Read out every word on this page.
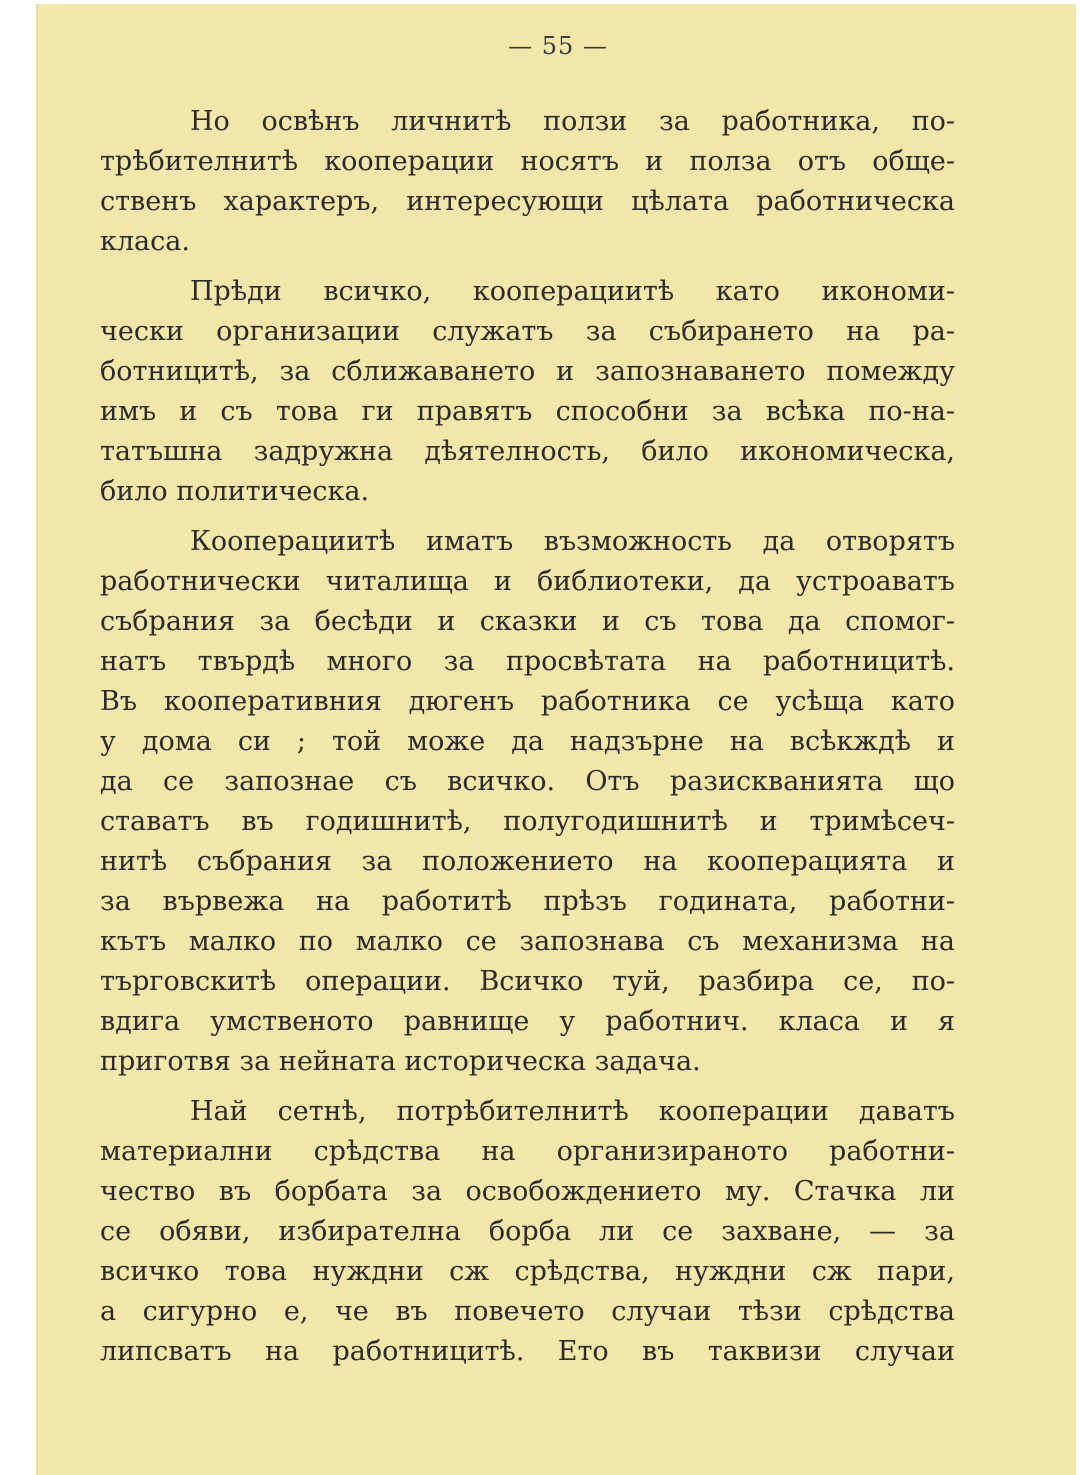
— 55 —
Но освѣнъ личнитѣ ползи за работника, по-
трѣбителнитѣ кооперации носятъ и полза отъ обще-
ственъ характеръ, интересующи цѣлата работническа
класа.
Прѣди всичко, кооперациитѣ като икономи-
чески организации служатъ за събирането на ра-
ботницитѣ, за сближаването и запознаването помежду
имъ и съ това ги правятъ способни за всѣка по-на-
татъшна задружна дѣятелность, било икономическа,
било политическа.
Кооперациитѣ иматъ възможность да отворятъ
работнически читалища и библиотеки, да устроаватъ
събрания за бесѣди и сказки и съ това да спомог-
натъ твърдѣ много за просвѣтата на работницитѣ.
Въ кооперативния дюгенъ работника се усѣща като
у дома си ; той може да надзърне на всѣкждѣ и
да се запознае съ всичко. Отъ разискванията що
ставатъ въ годишнитѣ, полугодишнитѣ и тримѣсеч-
нитѣ събрания за положението на кооперацията и
за вървежа на работитѣ прѣзъ годината, работни-
кътъ малко по малко се запознава съ механизма на
търговскитѣ операции. Всичко туй, разбира се, по-
вдига умственото равнище у работнич. класа и я
приготвя за нейната историческа задача.
Най сетнѣ, потрѣбителнитѣ кооперации даватъ
материални срѣдства на организираното работни-
чество въ борбата за освобождението му. Стачка ли
се обяви, избирателна борба ли се захване, — за
всичко това нуждни сж срѣдства, нуждни сж пари,
а сигурно е, че въ повечето случаи тѣзи срѣдства
липсватъ на работницитѣ. Ето въ таквизи случаи
